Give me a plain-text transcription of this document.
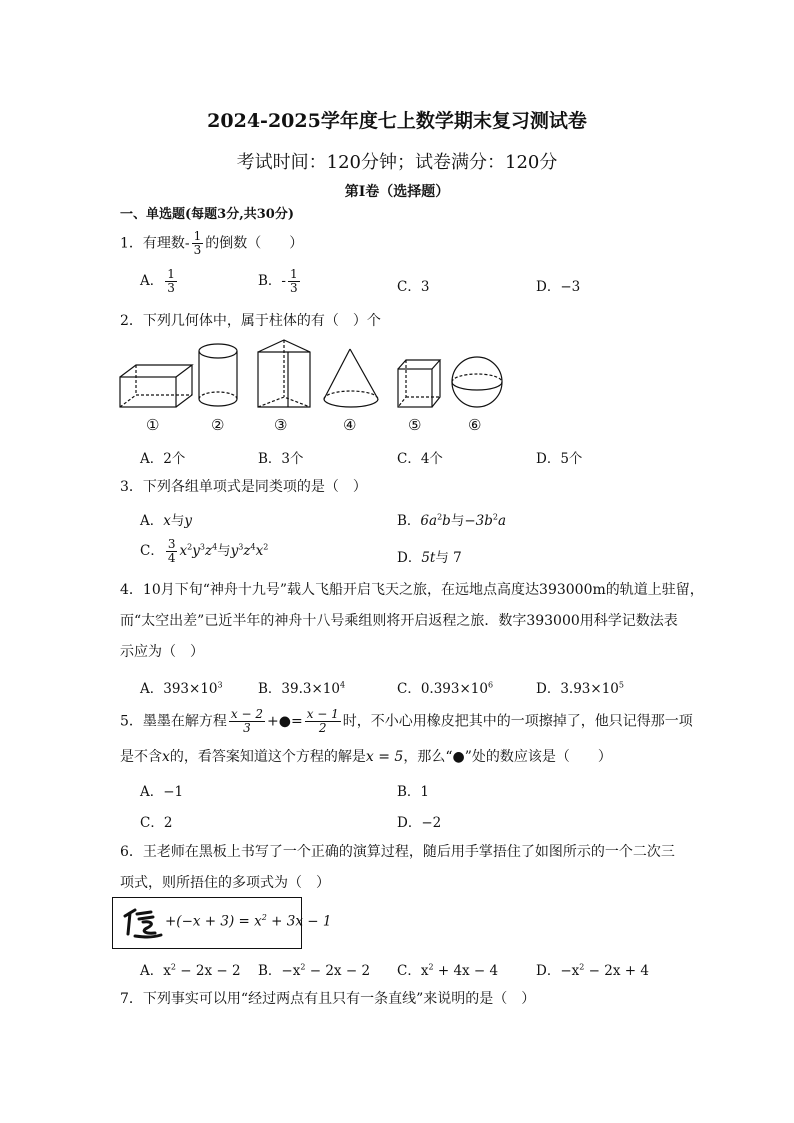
2024-2025学年度七上数学期末复习测试卷
考试时间：120分钟；试卷满分：120分
第Ⅰ卷（选择题）
一、单选题(每题3分,共30分)
1．有理数- $\frac{1}{3}$ 的倒数（　　）
A． $\frac{1}{3}$	B．- $\frac{1}{3}$	C．3	D．−3
2．下列几何体中，属于柱体的有（　）个
①	②	③	④	⑤	⑥
A．2个	B．3个	C．4个	D．5个
3．下列各组单项式是同类项的是（　）
A．x与y	B．$6a^2b$与$-3b^2a$
C． $\frac{3}{4} x^2y^3z^4$与$y^3z^4x^2$
D．5t与 7
4．10月下旬“神舟十九号”载人飞船开启飞天之旅，在远地点高度达393000m的轨道上驻留，
而“太空出差”已近半年的神舟十八号乘组则将开启返程之旅．数字393000用科学记数法表
示应为（　）
A．$393\times 10^3$	B．$39.3\times 10^4$	C．$0.393\times 10^6$	D．$3.93\times 10^5$
5．墨墨在解方程 $\frac{x - 2}{3}$ +●= $\frac{x - 1}{2}$ 时，不小心用橡皮把其中的一项擦掉了，他只记得那一项
是不含x的，看答案知道这个方程的解是x = 5，那么“●”处的数应该是（　　）
A．−1	B．1
C．2	D．−2
6．王老师在黑板上书写了一个正确的演算过程，随后用手掌捂住了如图所示的一个二次三
项式，则所捂住的多项式为（　）
$+(-x + 3) = x^2 + 3x - 1$
A．$x^2 - 2x - 2$ B．$-x^2 - 2x - 2$ C．$x^2 + 4x - 4$	D．$-x^2 - 2x + 4$
7．下列事实可以用“经过两点有且只有一条直线”来说明的是（　）
